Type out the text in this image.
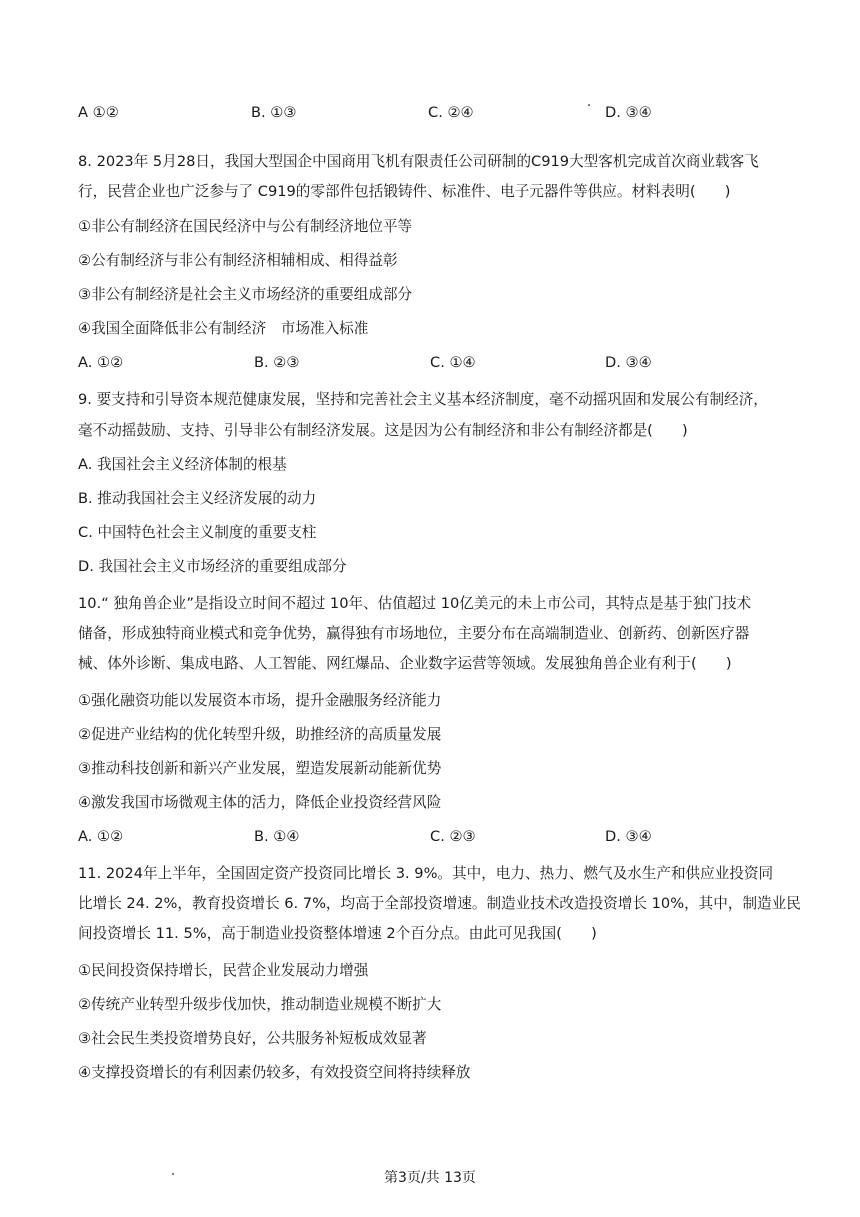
A ①②	B. ①③	C. ②④	D. ③④
8. 2023年 5月28日，我国大型国企中国商用飞机有限责任公司研制的C919大型客机完成首次商业载客飞
行，民营企业也广泛参与了 C919的零部件包括锻铸件、标准件、电子元器件等供应。材料表明(　　)
①非公有制经济在国民经济中与公有制经济地位平等
②公有制经济与非公有制经济相辅相成、相得益彰
③非公有制经济是社会主义市场经济的重要组成部分
④我国全面降低非公有制经济　市场准入标准
A. ①②	B. ②③	C. ①④	D. ③④
9. 要支持和引导资本规范健康发展，坚持和完善社会主义基本经济制度，毫不动摇巩固和发展公有制经济，
毫不动摇鼓励、支持、引导非公有制经济发展。这是因为公有制经济和非公有制经济都是(　　)
A. 我国社会主义经济体制的根基
B. 推动我国社会主义经济发展的动力
C. 中国特色社会主义制度的重要支柱
D. 我国社会主义市场经济的重要组成部分
10.“ 独角兽企业”是指设立时间不超过 10年、估值超过 10亿美元的未上市公司，其特点是基于独门技术
储备，形成独特商业模式和竞争优势，赢得独有市场地位，主要分布在高端制造业、创新药、创新医疗器
械、体外诊断、集成电路、人工智能、网红爆品、企业数字运营等领域。发展独角兽企业有利于(　　)
①强化融资功能以发展资本市场，提升金融服务经济能力
②促进产业结构的优化转型升级，助推经济的高质量发展
③推动科技创新和新兴产业发展，塑造发展新动能新优势
④激发我国市场微观主体的活力，降低企业投资经营风险
A. ①②	B. ①④	C. ②③	D. ③④
11. 2024年上半年，全国固定资产投资同比增长 3. 9%。其中，电力、热力、燃气及水生产和供应业投资同
比增长 24. 2%，教育投资增长 6. 7%，均高于全部投资增速。制造业技术改造投资增长 10%，其中，制造业民
间投资增长 11. 5%，高于制造业投资整体增速 2个百分点。由此可见我国(　　)
①民间投资保持增长，民营企业发展动力增强
②传统产业转型升级步伐加快，推动制造业规模不断扩大
③社会民生类投资增势良好，公共服务补短板成效显著
④支撑投资增长的有利因素仍较多，有效投资空间将持续释放
第3页/共 13页
